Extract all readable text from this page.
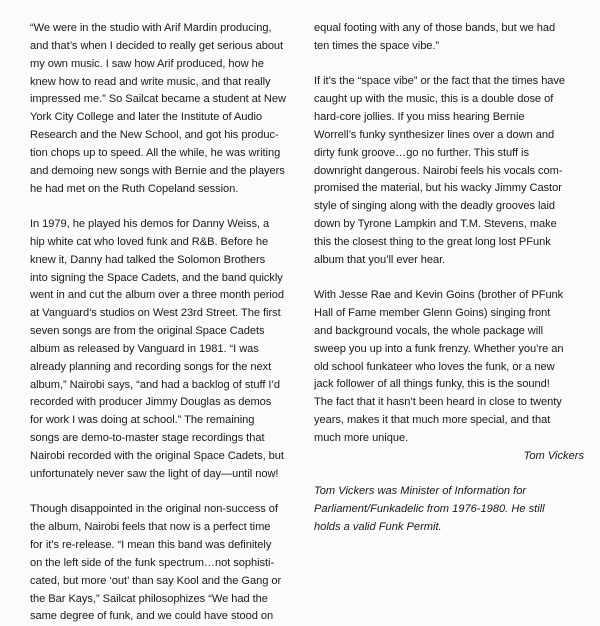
“We were in the studio with Arif Mardin producing,
and that’s when I decided to really get serious about
my own music. I saw how Arif produced, how he
knew how to read and write music, and that really
impressed me.” So Sailcat became a student at New
York City College and later the Institute of Audio
Research and the New School, and got his produc-
tion chops up to speed. All the while, he was writing
and demoing new songs with Bernie and the players
he had met on the Ruth Copeland session.

In 1979, he played his demos for Danny Weiss, a
hip white cat who loved funk and R&B. Before he
knew it, Danny had talked the Solomon Brothers
into signing the Space Cadets, and the band quickly
went in and cut the album over a three month period
at Vanguard’s studios on West 23rd Street. The first
seven songs are from the original Space Cadets
album as released by Vanguard in 1981. “I was
already planning and recording songs for the next
album,” Nairobi says, “and had a backlog of stuff I’d
recorded with producer Jimmy Douglas as demos
for work I was doing at school.” The remaining
songs are demo-to-master stage recordings that
Nairobi recorded with the original Space Cadets, but
unfortunately never saw the light of day—until now!

Though disappointed in the original non-success of
the album, Nairobi feels that now is a perfect time
for it’s re-release. “I mean this band was definitely
on the left side of the funk spectrum…not sophisti-
cated, but more ‘out’ than say Kool and the Gang or
the Bar Kays,” Sailcat philosophizes “We had the
same degree of funk, and we could have stood on

equal footing with any of those bands, but we had
ten times the space vibe.”

If it’s the “space vibe” or the fact that the times have
caught up with the music, this is a double dose of
hard-core jollies. If you miss hearing Bernie
Worrell’s funky synthesizer lines over a down and
dirty funk groove…go no further. This stuff is
downright dangerous. Nairobi feels his vocals com-
promised the material, but his wacky Jimmy Castor
style of singing along with the deadly grooves laid
down by Tyrone Lampkin and T.M. Stevens, make
this the closest thing to the great long lost PFunk
album that you’ll ever hear.

With Jesse Rae and Kevin Goins (brother of PFunk
Hall of Fame member Glenn Goins) singing front
and background vocals, the whole package will
sweep you up into a funk frenzy. Whether you’re an
old school funkateer who loves the funk, or a new
jack follower of all things funky, this is the sound!
The fact that it hasn’t been heard in close to twenty
years, makes it that much more special, and that
much more unique.

Tom Vickers

Tom Vickers was Minister of Information for
Parliament/Funkadelic from 1976-1980. He still
holds a valid Funk Permit.
